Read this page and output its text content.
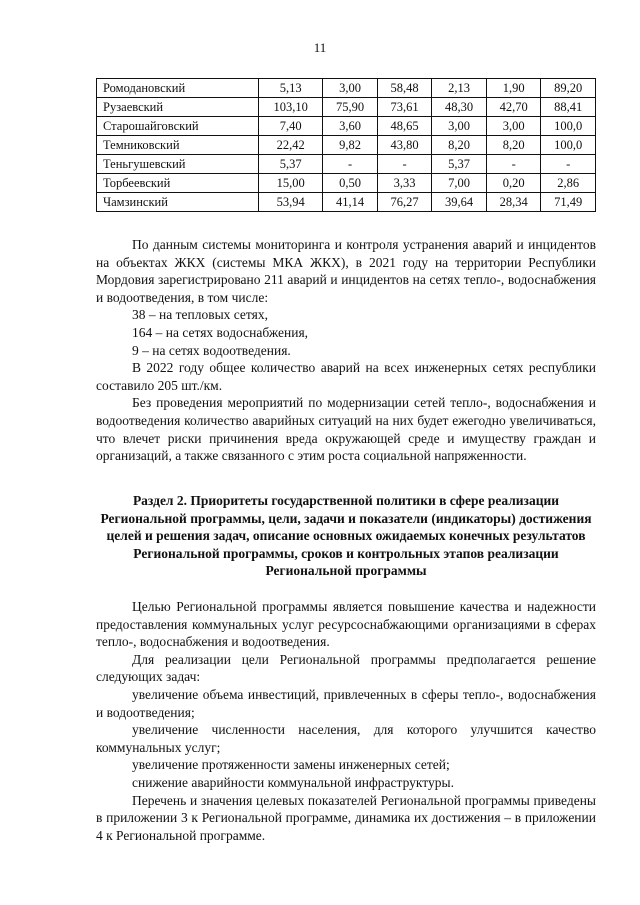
11
Ромодановский	5,13	3,00	58,48	2,13	1,90	89,20
Рузаевский	103,10	75,90	73,61	48,30	42,70	88,41
Старошайговский	7,40	3,60	48,65	3,00	3,00	100,0
Темниковский	22,42	9,82	43,80	8,20	8,20	100,0
Теньгушевский	5,37	-	-	5,37	-	-
Торбеевский	15,00	0,50	3,33	7,00	0,20	2,86
Чамзинский	53,94	41,14	76,27	39,64	28,34	71,49

По данным системы мониторинга и контроля устранения аварий и инцидентов на объектах ЖКХ (системы МКА ЖКХ), в 2021 году на территории Республики Мордовия зарегистрировано 211 аварий и инцидентов на сетях тепло-, водоснабжения и водоотведения, в том числе:

38 – на тепловых сетях,

164 – на сетях водоснабжения,

9 – на сетях водоотведения.

В 2022 году общее количество аварий на всех инженерных сетях республики составило 205 шт./км.

Без проведения мероприятий по модернизации сетей тепло-, водоснабжения и водоотведения количество аварийных ситуаций на них будет ежегодно увеличиваться, что влечет риски причинения вреда окружающей среде и имуществу граждан и организаций, а также связанного с этим роста социальной напряженности.

Раздел 2. Приоритеты государственной политики в сфере реализации Региональной программы, цели, задачи и показатели (индикаторы) достижения целей и решения задач, описание основных ожидаемых конечных результатов Региональной программы, сроков и контрольных этапов реализации Региональной программы

Целью Региональной программы является повышение качества и надежности предоставления коммунальных услуг ресурсоснабжающими организациями в сферах тепло-, водоснабжения и водоотведения.

Для реализации цели Региональной программы предполагается решение следующих задач:

увеличение объема инвестиций, привлеченных в сферы тепло-, водоснабжения и водоотведения;

увеличение численности населения, для которого улучшится качество коммунальных услуг;

увеличение протяженности замены инженерных сетей;

снижение аварийности коммунальной инфраструктуры.

Перечень и значения целевых показателей Региональной программы приведены в приложении 3 к Региональной программе, динамика их достижения – в приложении 4 к Региональной программе.
